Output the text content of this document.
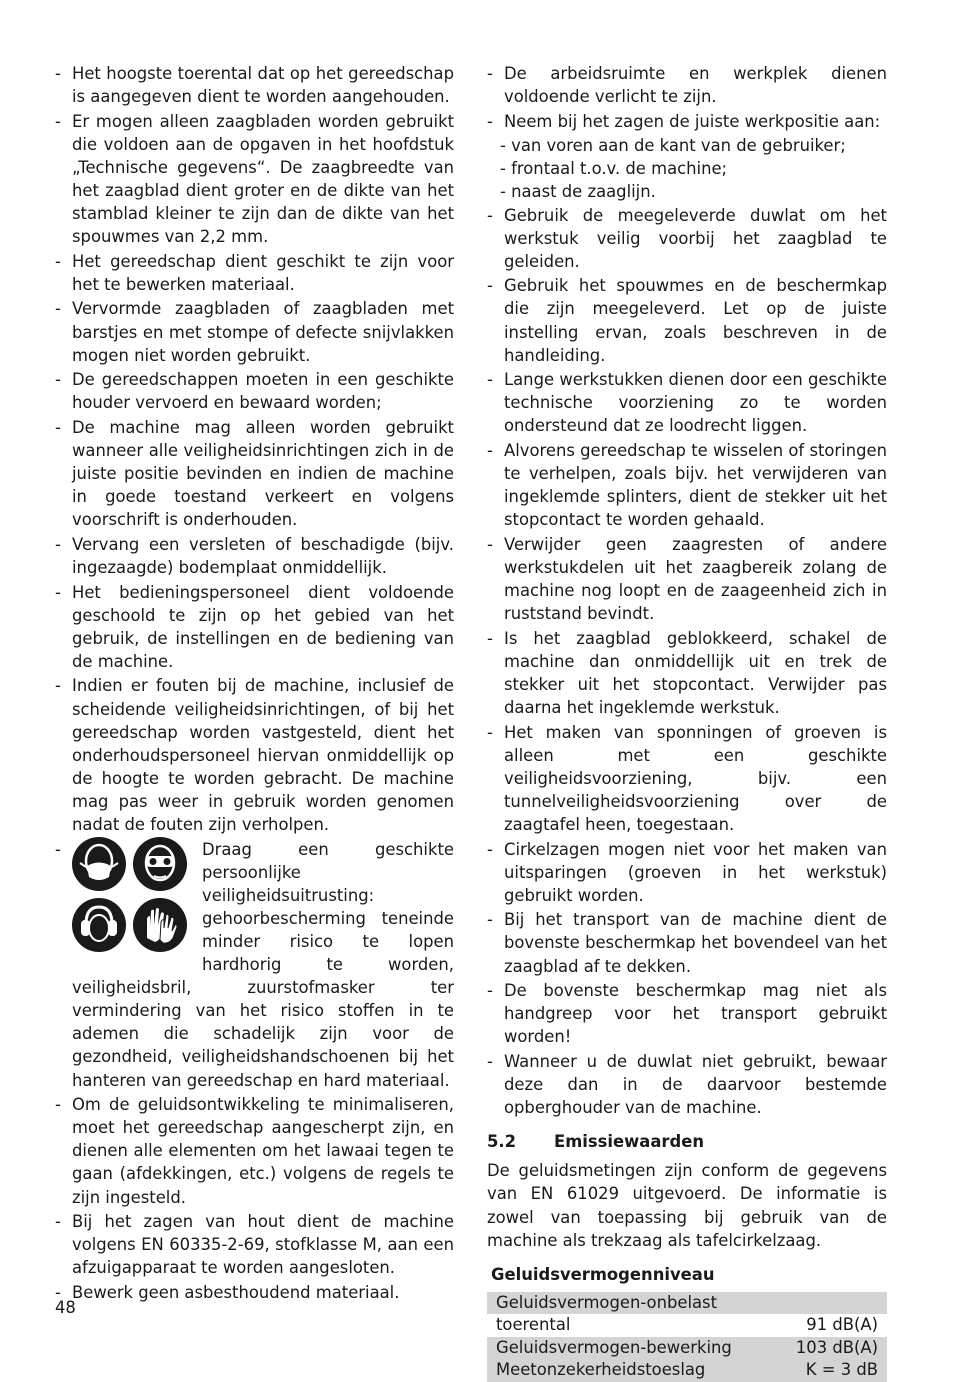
- Het hoogste toerental dat op het gereedschap is aangegeven dient te worden aangehouden.
- Er mogen alleen zaagbladen worden gebruikt die voldoen aan de opgaven in het hoofdstuk „Technische gegevens“. De zaagbreedte van het zaagblad dient groter en de dikte van het stamblad kleiner te zijn dan de dikte van het spouwmes van 2,2 mm.
- Het gereedschap dient geschikt te zijn voor het te bewerken materiaal.
- Vervormde zaagbladen of zaagbladen met barstjes en met stompe of defecte snijvlakken mogen niet worden gebruikt.
- De gereedschappen moeten in een geschikte houder vervoerd en bewaard worden;
- De machine mag alleen worden gebruikt wanneer alle veiligheidsinrichtingen zich in de juiste positie bevinden en indien de machine in goede toestand verkeert en volgens voorschrift is onderhouden.
- Vervang een versleten of beschadigde (bijv. ingezaagde) bodemplaat onmiddellijk.
- Het bedieningspersoneel dient voldoende geschoold te zijn op het gebied van het gebruik, de instellingen en de bediening van de machine.
- Indien er fouten bij de machine, inclusief de scheidende veiligheidsinrichtingen, of bij het gereedschap worden vastgesteld, dient het onderhoudspersoneel hiervan onmiddellijk op de hoogte te worden gebracht. De machine mag pas weer in gebruik worden genomen nadat de fouten zijn verholpen.
- Draag een geschikte persoonlijke veiligheidsuitrusting: gehoorbescherming teneinde minder risico te lopen hardhorig te worden, veiligheidsbril, zuurstofmasker ter vermindering van het risico stoffen in te ademen die schadelijk zijn voor de gezondheid, veiligheidshandschoenen bij het hanteren van gereedschap en hard materiaal.
- Om de geluidsontwikkeling te minimaliseren, moet het gereedschap aangescherpt zijn, en dienen alle elementen om het lawaai tegen te gaan (afdekkingen, etc.) volgens de regels te zijn ingesteld.
- Bij het zagen van hout dient de machine volgens EN 60335-2-69, stofklasse M, aan een afzuigapparaat te worden aangesloten.
- Bewerk geen asbesthoudend materiaal.
- De arbeidsruimte en werkplek dienen voldoende verlicht te zijn.
- Neem bij het zagen de juiste werkpositie aan:
- van voren aan de kant van de gebruiker;
- frontaal t.o.v. de machine;
- naast de zaaglijn.
- Gebruik de meegeleverde duwlat om het werkstuk veilig voorbij het zaagblad te geleiden.
- Gebruik het spouwmes en de beschermkap die zijn meegeleverd. Let op de juiste instelling ervan, zoals beschreven in de handleiding.
- Lange werkstukken dienen door een geschikte technische voorziening zo te worden ondersteund dat ze loodrecht liggen.
- Alvorens gereedschap te wisselen of storingen te verhelpen, zoals bijv. het verwijderen van ingeklemde splinters, dient de stekker uit het stopcontact te worden gehaald.
- Verwijder geen zaagresten of andere werkstukdelen uit het zaagbereik zolang de machine nog loopt en de zaageenheid zich in ruststand bevindt.
- Is het zaagblad geblokkeerd, schakel de machine dan onmiddellijk uit en trek de stekker uit het stopcontact. Verwijder pas daarna het ingeklemde werkstuk.
- Het maken van sponningen of groeven is alleen met een geschikte veiligheidsvoorziening, bijv. een tunnelveiligheidsvoorziening over de zaagtafel heen, toegestaan.
- Cirkelzagen mogen niet voor het maken van uitsparingen (groeven in het werkstuk) gebruikt worden.
- Bij het transport van de machine dient de bovenste beschermkap het bovendeel van het zaagblad af te dekken.
- De bovenste beschermkap mag niet als handgreep voor het transport gebruikt worden!
- Wanneer u de duwlat niet gebruikt, bewaar deze dan in de daarvoor bestemde opberghouder van de machine.
5.2	Emissiewaarden
De geluidsmetingen zijn conform de gegevens van EN 61029 uitgevoerd. De informatie is zowel van toepassing bij gebruik van de machine als trekzaag als tafelcirkelzaag.
Geluidsvermogenniveau
Geluidsvermogen-onbelast	
toerental	91 dB(A)
Geluidsvermogen-bewerking	103 dB(A)
Meetonzekerheidstoeslag	K = 3 dB
48
